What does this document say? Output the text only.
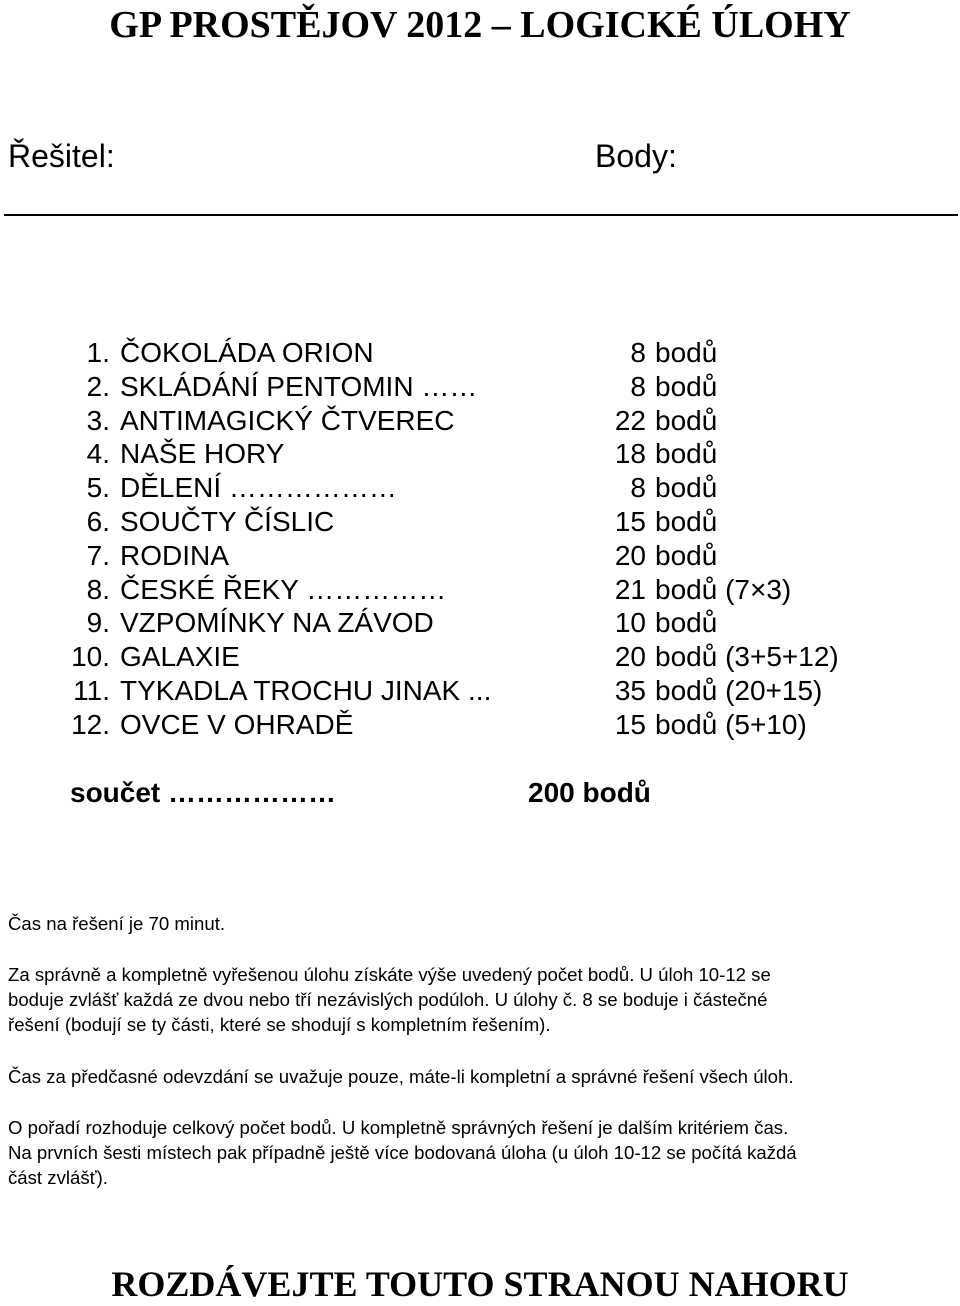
GP PROSTĚJOV 2012 – LOGICKÉ ÚLOHY
Řešitel:	Body:
1. ČOKOLÁDA ORION	8 bodů
2. SKLÁDÁNÍ PENTOMIN ……	8 bodů
3. ANTIMAGICKÝ ČTVEREC	22 bodů
4. NAŠE HORY	18 bodů
5. DĚLENÍ ………………	8 bodů
6. SOUČTY ČÍSLIC	15 bodů
7. RODINA	20 bodů
8. ČESKÉ ŘEKY ……………	21 bodů (7×3)
9. VZPOMÍNKY NA ZÁVOD	10 bodů
10. GALAXIE	20 bodů (3+5+12)
11. TYKADLA TROCHU JINAK ...	35 bodů (20+15)
12. OVCE V OHRADĚ	15 bodů (5+10)
součet ………………	200 bodů
Čas na řešení je 70 minut.
Za správně a kompletně vyřešenou úlohu získáte výše uvedený počet bodů. U úloh 10-12 se
boduje zvlášť každá ze dvou nebo tří nezávislých podúloh. U úlohy č. 8 se boduje i částečné
řešení (bodují se ty části, které se shodují s kompletním řešením).
Čas za předčasné odevzdání se uvažuje pouze, máte-li kompletní a správné řešení všech úloh.
O pořadí rozhoduje celkový počet bodů. U kompletně správných řešení je dalším kritériem čas.
Na prvních šesti místech pak případně ještě více bodovaná úloha (u úloh 10-12 se počítá každá
část zvlášť).
ROZDÁVEJTE TOUTO STRANOU NAHORU
